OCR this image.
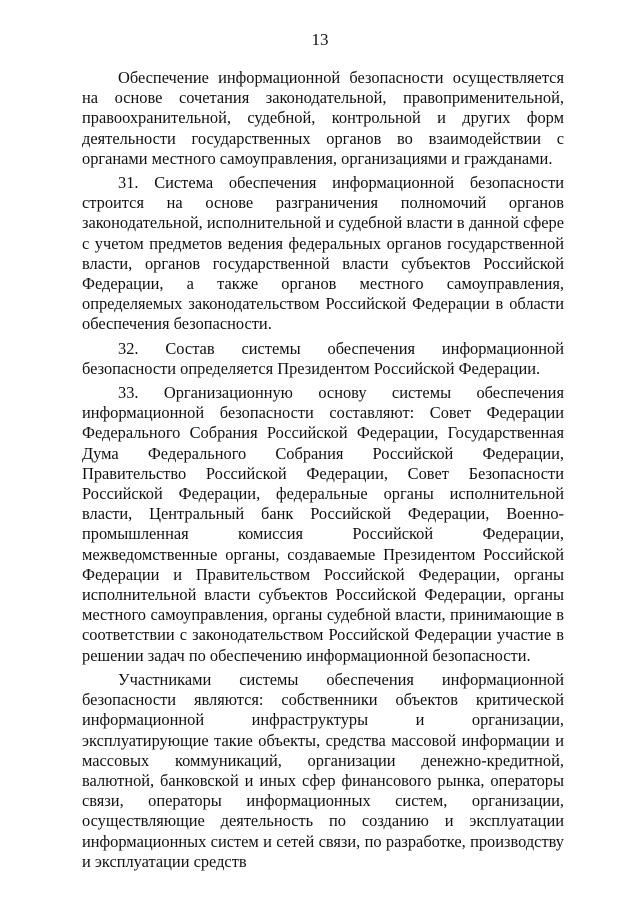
13

Обеспечение информационной безопасности осуществляется на основе сочетания законодательной, правоприменительной, правоохранительной, судебной, контрольной и других форм деятельности государственных органов во взаимодействии с органами местного самоуправления, организациями и гражданами.

31. Система обеспечения информационной безопасности строится на основе разграничения полномочий органов законодательной, исполнительной и судебной власти в данной сфере с учетом предметов ведения федеральных органов государственной власти, органов государственной власти субъектов Российской Федерации, а также органов местного самоуправления, определяемых законодательством Российской Федерации в области обеспечения безопасности.

32. Состав системы обеспечения информационной безопасности определяется Президентом Российской Федерации.

33. Организационную основу системы обеспечения информационной безопасности составляют: Совет Федерации Федерального Собрания Российской Федерации, Государственная Дума Федерального Собрания Российской Федерации, Правительство Российской Федерации, Совет Безопасности Российской Федерации, федеральные органы исполнительной власти, Центральный банк Российской Федерации, Военно-промышленная комиссия Российской Федерации, межведомственные органы, создаваемые Президентом Российской Федерации и Правительством Российской Федерации, органы исполнительной власти субъектов Российской Федерации, органы местного самоуправления, органы судебной власти, принимающие в соответствии с законодательством Российской Федерации участие в решении задач по обеспечению информационной безопасности.

Участниками системы обеспечения информационной безопасности являются: собственники объектов критической информационной инфраструктуры и организации, эксплуатирующие такие объекты, средства массовой информации и массовых коммуникаций, организации денежно-кредитной, валютной, банковской и иных сфер финансового рынка, операторы связи, операторы информационных систем, организации, осуществляющие деятельность по созданию и эксплуатации информационных систем и сетей связи, по разработке, производству и эксплуатации средств
